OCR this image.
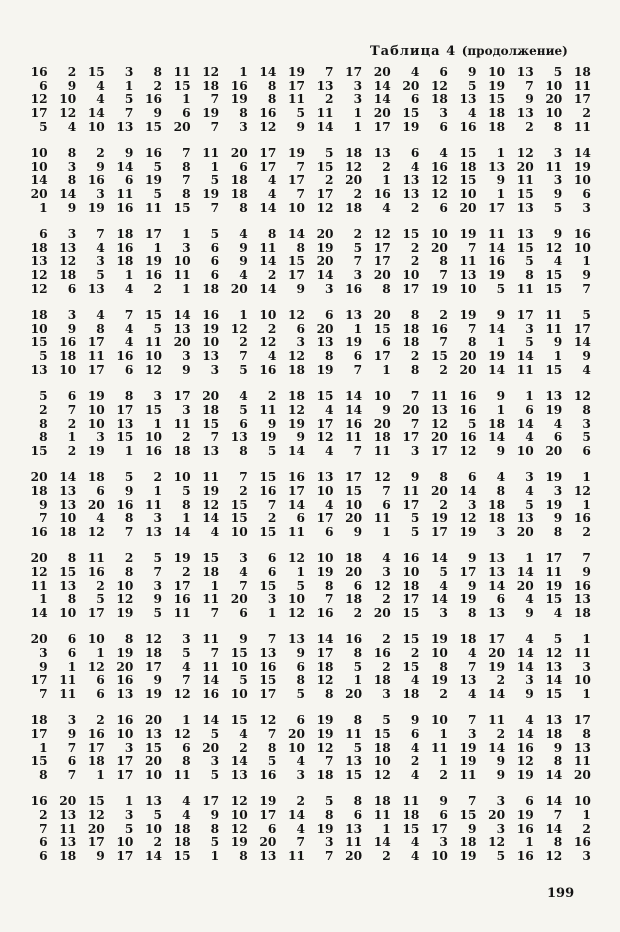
Таблица 4 (продолжение)
16	2 15	3	8 11 12	1 14 19	7 17 20	4	6	9 10 13	5 18
6	9	4	1	2 15 18 16	8 17 13	3 14 20 12	5 19	7 10 11
12 10	4	5 16	1	7 19	8 11	2	3 14	6 18 13 15	9 20 17
17 12 14	7	9	6 19	8 16	5 11	1 20 15	3	4 18 13 10	2
5	4 10 13 15 20	7	3 12	9 14	1 17 19	6 16 18	2	8 11
10	8	2	9 16	7 11 20 17 19	5 18 13	6	4 15	1 12	3 14
10	3	9 14	5	8	1	6 17	7 15 12	2	4 16 18 13 20 11 19
14	8 16	6 19	7	5 18	4 17	2 20	1 13 12 15	9 11	3 10
20 14	3 11	5	8 19 18	4	7 17	2 16 13 12 10	1 15	9	6
1	9 19 16 11 15	7	8 14 10 12 18	4	2	6 20 17 13	5	3
6	3	7 18 17	1	5	4	8 14 20	2 12 15 10 19 11 13	9 16
18 13	4 16	1	3	6	9 11	8 19	5 17	2 20	7 14 15 12 10
13 12	3 18 19 10	6	9 14 15 20	7 17	2	8 11 16	5	4	1
12 18	5	1 16 11	6	4	2 17 14	3 20 10	7 13 19	8 15	9
12	6 13	4	2	1 18 20 14	9	3 16	8 17 19 10	5 11 15	7
18	3	4	7 15 14 16	1 10 12	6 13 20	8	2 19	9 17 11	5
10	9	8	4	5 13 19 12	2	6 20	1 15 18 16	7 14	3 11 17
15 16 17	4 11 20 10	2 12	3 13 19	6 18	7	8	1	5	9 14
5 18 11 16 10	3 13	7	4 12	8	6 17	2 15 20 19 14	1	9
13 10 17	6 12	9	3	5 16 18 19	7	1	8	2 20 14 11 15	4
5	6 19	8	3 17 20	4	2 18 15 14 10	7 11 16	9	1 13 12
2	7 10 17 15	3 18	5 11 12	4 14	9 20 13 16	1	6 19	8
8	2 10 13	1 11 15	6	9 19 17 16 20	7 12	5 18 14	4	3
8	1	3 15 10	2	7 13 19	9 12 11 18 17 20 16 14	4	6	5
15	2 19	1 16 18 13	8	5 14	4	7 11	3 17 12	9 10 20	6
20 14 18	5	2 10 11	7 15 16 13 17 12	9	8	6	4	3 19	1
18 13	6	9	1	5 19	2 16 17 10 15	7 11 20 14	8	4	3 12
9 13 20 16 11	8 12 15	7 14	4 10	6 17	2	3 18	5 19	1
7 10	4	8	3	1 14 15	2	6 17 20 11	5 19 12 18 13	9 16
16 18 12	7 13 14	4 10 15 11	6	9	1	5 17 19	3 20	8	2
20	8 11	2	5 19 15	3	6 12 10 18	4 16 14	9 13	1 17	7
12 15 16	8	7	2 18	4	6	1 19 20	3 10	5 17 13 14 11	9
11 13	2 10	3 17	1	7 15	5	8	6 12 18	4	9 14 20 19 16
1	8	5 12	9 16 11 20	3 10	7 18	2 17 14 19	6	4 15 13
14 10 17 19	5 11	7	6	1 12 16	2 20 15	3	8 13	9	4 18
20	6 10	8 12	3 11	9	7 13 14 16	2 15 19 18 17	4	5	1
3	6	1 19 18	5	7 15 13	9 17	8 16	2 10	4 20 14 12 11
9	1 12 20 17	4 11 10 16	6 18	5	2 15	8	7 19 14 13	3
17 11	6 16	9	7 14	5 15	8 12	1 18	4 19 13	2	3 14 10
7 11	6 13 19 12 16 10 17	5	8 20	3 18	2	4 14	9 15	1
18	3	2 16 20	1 14 15 12	6 19	8	5	9 10	7 11	4 13 17
17	9 16 10 13 12	5	4	7 20 19 11 15	6	1	3	2 14 18	8
1	7 17	3 15	6 20	2	8 10 12	5 18	4 11 19 14 16	9 13
15	6 18 17 20	8	3 14	5	4	7 13 10	2	1 19	9 12	8 11
8	7	1 17 10 11	5 13 16	3 18 15 12	4	2 11	9 19 14 20
16 20 15	1 13	4 17 12 19	2	5	8 18 11	9	7	3	6 14 10
2 13 12	3	5	4	9 10 17 14	8	6 11 18	6 15 20 19	7	1
7 11 20	5 10 18	8 12	6	4 19 13	1 15 17	9	3 16 14	2
6 13 17 10	2 18	5 19 20	7	3 11 14	4	3 18 12	1	8 16
6 18	9 17 14 15	1	8 13 11	7 20	2	4 10 19	5 16 12	3
199
